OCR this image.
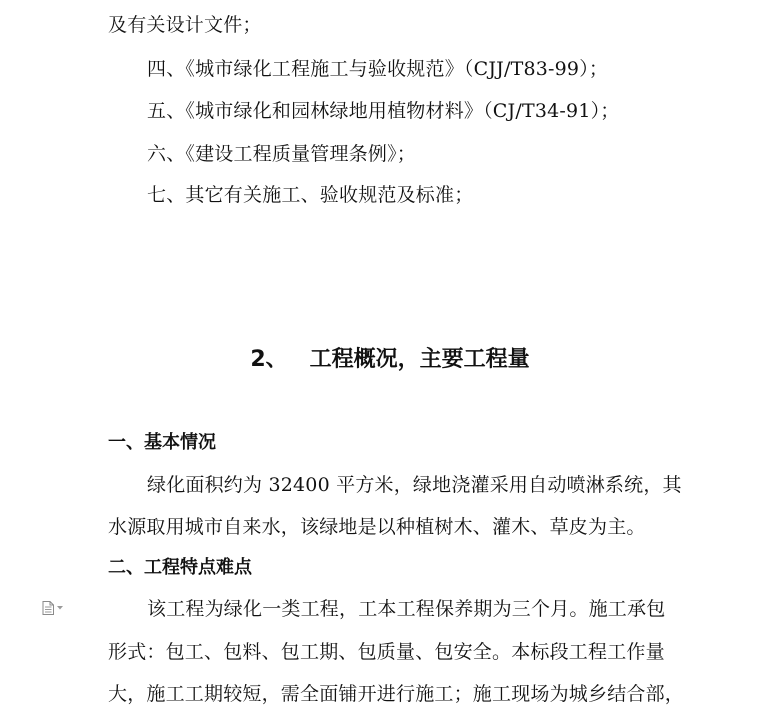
及有关设计文件；
四、《城市绿化工程施工与验收规范》（CJJ/T83-99）；
五、《城市绿化和园林绿地用植物材料》（CJ/T34-91）；
六、《建设工程质量管理条例》；
七、其它有关施工、验收规范及标准；
2、 工程概况，主要工程量
一、基本情况
绿化面积约为 32400 平方米，绿地浇灌采用自动喷淋系统，其
水源取用城市自来水，该绿地是以种植树木、灌木、草皮为主。
二、工程特点难点
该工程为绿化一类工程，工本工程保养期为三个月。施工承包
形式：包工、包料、包工期、包质量、包安全。本标段工程工作量
大，施工工期较短，需全面铺开进行施工；施工现场为城乡结合部，
